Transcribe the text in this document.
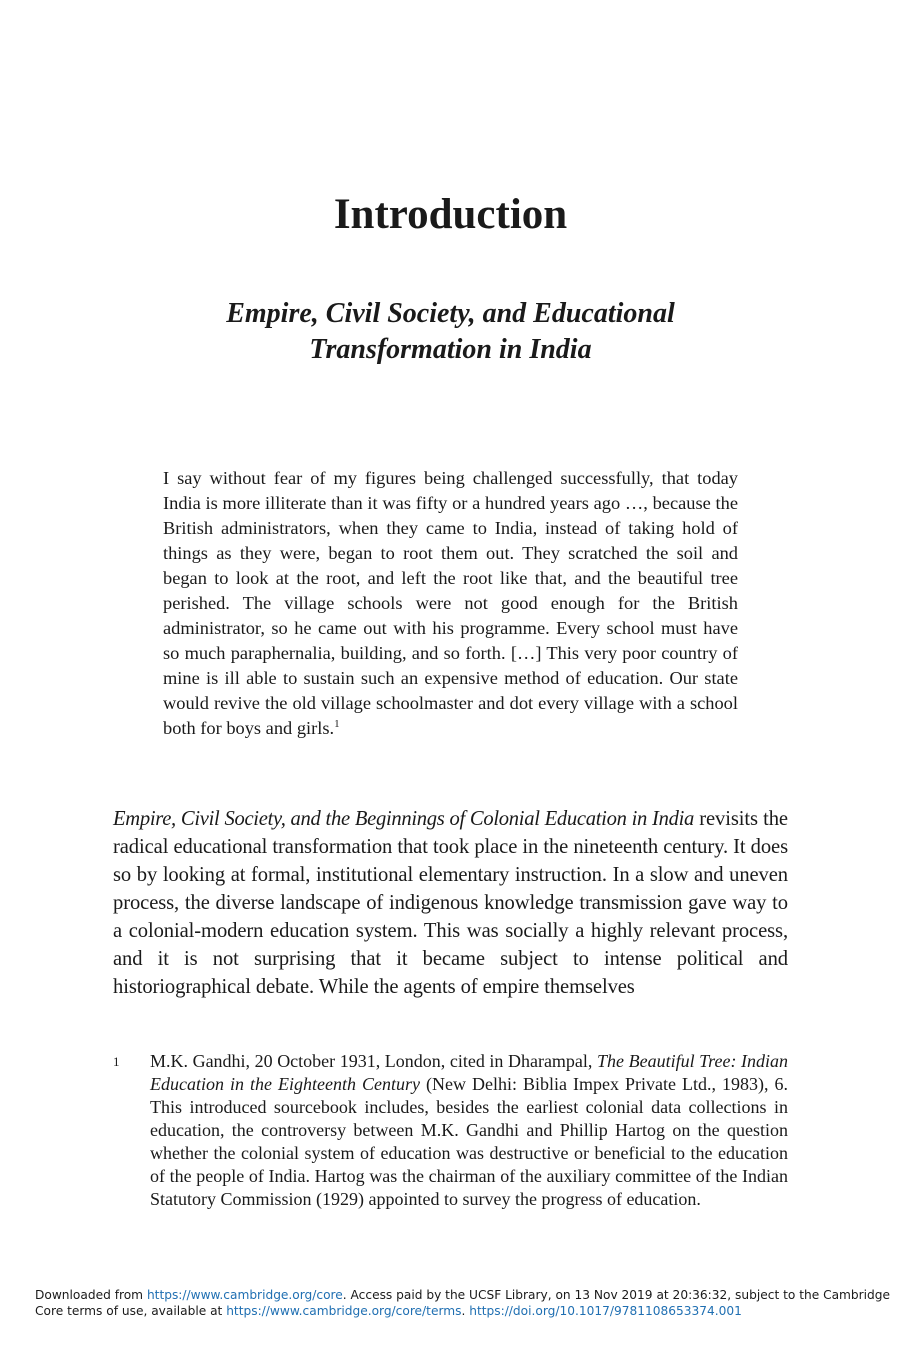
Introduction
Empire, Civil Society, and Educational
Transformation in India
I say without fear of my figures being challenged successfully, that today India is more illiterate than it was fifty or a hundred years ago …, because the British administrators, when they came to India, instead of taking hold of things as they were, began to root them out. They scratched the soil and began to look at the root, and left the root like that, and the beautiful tree perished. The village schools were not good enough for the British administrator, so he came out with his programme. Every school must have so much paraphernalia, building, and so forth. […] This very poor country of mine is ill able to sustain such an expensive method of education. Our state would revive the old village schoolmaster and dot every village with a school both for boys and girls.$^1$

Empire, Civil Society, and the Beginnings of Colonial Education in India revisits the radical educational transformation that took place in the nineteenth century. It does so by looking at formal, institutional elementary instruction. In a slow and uneven process, the diverse landscape of indigenous knowledge transmission gave way to a colonial-modern education system. This was socially a highly relevant process, and it is not surprising that it became subject to intense political and historiographical debate. While the agents of empire themselves

1 M.K. Gandhi, 20 October 1931, London, cited in Dharampal, The Beautiful Tree: Indian Education in the Eighteenth Century (New Delhi: Biblia Impex Private Ltd., 1983), 6. This introduced sourcebook includes, besides the earliest colonial data collections in education, the controversy between M.K. Gandhi and Phillip Hartog on the question whether the colonial system of education was destructive or beneficial to the education of the people of India. Hartog was the chairman of the auxiliary committee of the Indian Statutory Commission (1929) appointed to survey the progress of education.
Downloaded from https://www.cambridge.org/core. Access paid by the UCSF Library, on 13 Nov 2019 at 20:36:32, subject to the Cambridge
Core terms of use, available at https://www.cambridge.org/core/terms. https://doi.org/10.1017/9781108653374.001
